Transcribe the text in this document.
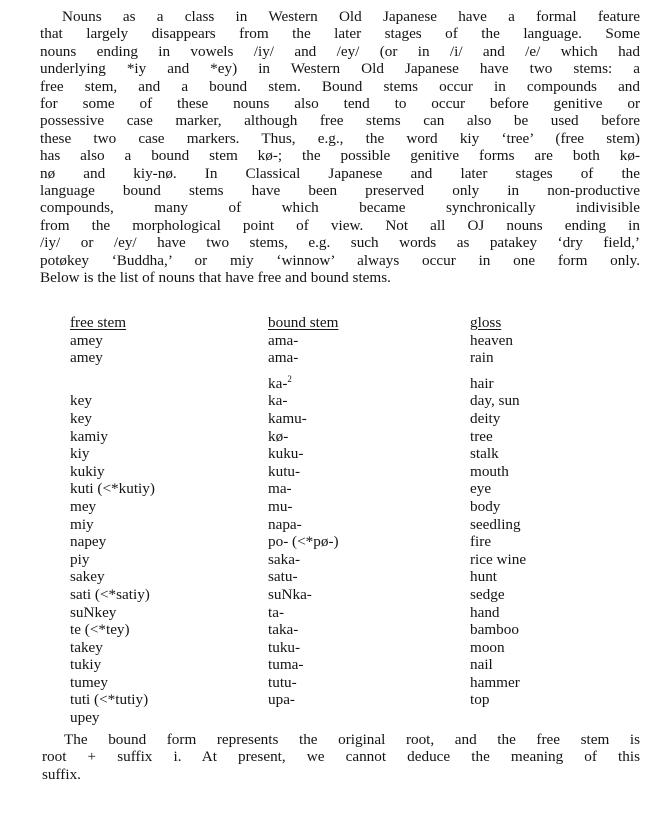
Nouns as a class in Western Old Japanese have a formal feature
that largely disappears from the later stages of the language. Some
nouns ending in vowels /iy/ and /ey/ (or in /i/ and /e/ which had
underlying *iy and *ey) in Western Old Japanese have two stems: a
free stem, and a bound stem. Bound stems occur in compounds and
for some of these nouns also tend to occur before genitive or
possessive case marker, although free stems can also be used before
these two case markers. Thus, e.g., the word kiy ‘tree’ (free stem)
has also a bound stem kø-; the possible genitive forms are both kø-
nø and kiy-nø. In Classical Japanese and later stages of the
language bound stems have been preserved only in non-productive
compounds, many of which became synchronically indivisible
from the morphological point of view. Not all OJ nouns ending in
/iy/ or /ey/ have two stems, e.g. such words as patakey ‘dry field,’
potøkey ‘Buddha,’ or miy ‘winnow’ always occur in one form only.
Below is the list of nouns that have free and bound stems.
free stem
amey
amey
key
key
kamiy
kiy
kukiy
kuti (<*kutiy)
mey
miy
napey
piy
sakey
sati (<*satiy)
suNkey
te (<*tey)
takey
tukiy
tumey
tuti (<*tutiy)
upey
bound stem
ama-
ama-
ka-$^2$
ka-
kamu-
kø-
kuku-
kutu-
ma-
mu-
napa-
po- (<*pø-)
saka-
satu-
suNka-
ta-
taka-
tuku-
tuma-
tutu-
upa-
gloss
heaven
rain
hair
day, sun
deity
tree
stalk
mouth
eye
body
seedling
fire
rice wine
hunt
sedge
hand
bamboo
moon
nail
hammer
top
The bound form represents the original root, and the free stem is
root + suffix i. At present, we cannot deduce the meaning of this
suffix.
